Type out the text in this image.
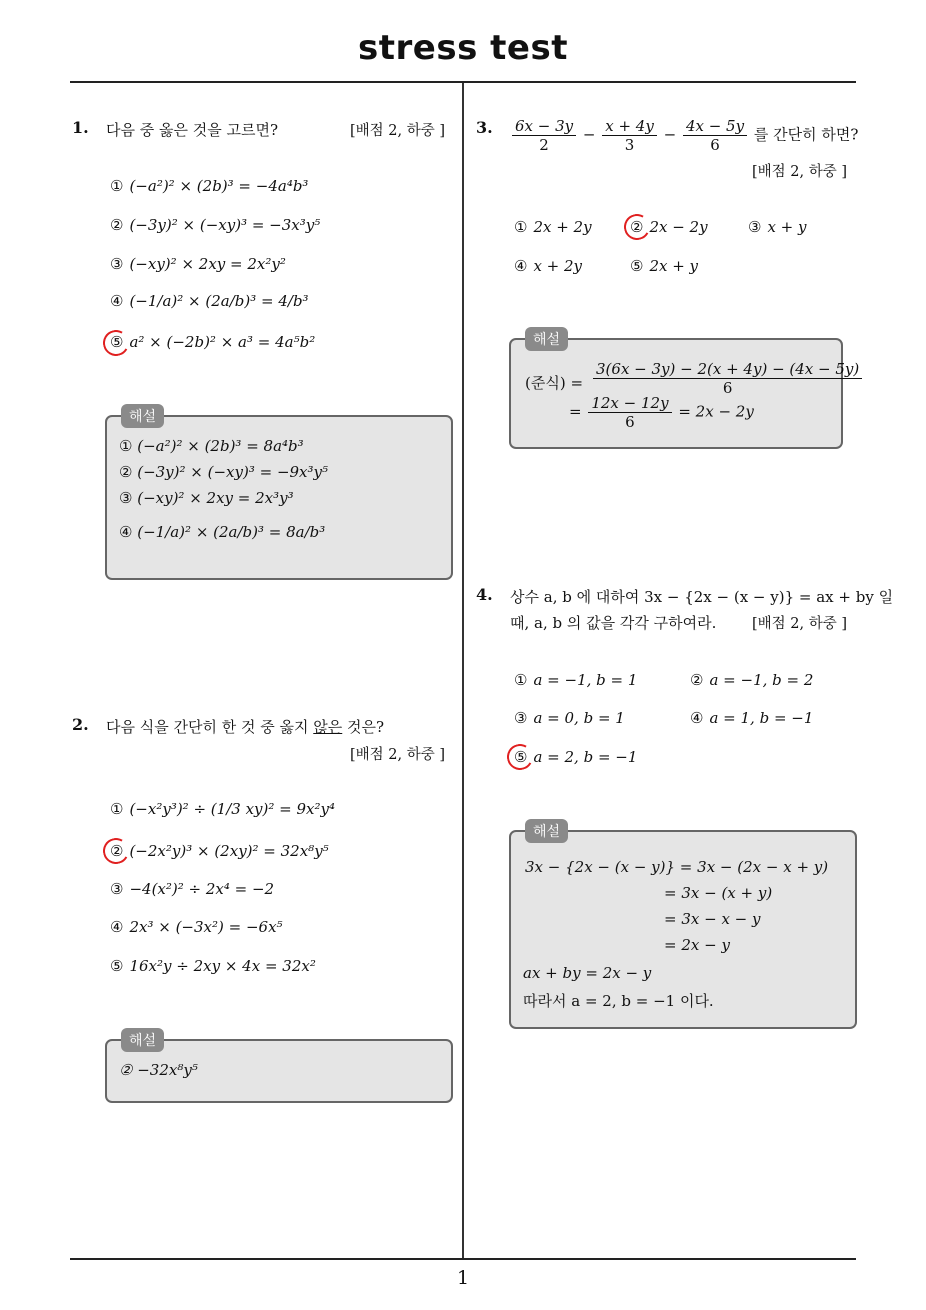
stress test
1
1. 다음 중 옳은 것을 고르면?	[배점 2, 하중 ]
① (−a²)² × (2b)³ = −4a⁴b³
② (−3y)² × (−xy)³ = −3x³y⁵
③ (−xy)² × 2xy = 2x²y²
④ (−1/a)² × (2a/b)³ = 4/b³
⑤ a² × (−2b)² × a³ = 4a⁵b²
해설
① (−a²)² × (2b)³ = 8a⁴b³
② (−3y)² × (−xy)³ = −9x³y⁵
③ (−xy)² × 2xy = 2x³y³
④ (−1/a)² × (2a/b)³ = 8a/b³
2. 다음 식을 간단히 한 것 중 옳지 않은 것은?
[배점 2, 하중 ]
① (−x²y³)² ÷ (1/3 xy)² = 9x²y⁴
② (−2x²y)³ × (2xy)² = 32x⁸y⁵
③ −4(x²)² ÷ 2x⁴ = −2
④ 2x³ × (−3x²) = −6x⁵
⑤ 16x²y ÷ 2xy × 4x = 32x²
해설
② −32x⁸y⁵
3. $\frac{6x - 3y}{2} - \frac{x + 4y}{3} - \frac{4x - 5y}{6}$ 를 간단히 하면?
[배점 2, 하중 ]
① 2x + 2y	② 2x − 2y	③ x + y
④ x + 2y	⑤ 2x + y
해설
(준식) = $\frac{3(6x - 3y) - 2(x + 4y) - (4x - 5y)}{6}$
= $\frac{12x - 12y}{6} = 2x - 2y$
4. 상수 a, b 에 대하여 3x − {2x − (x − y)} = ax + by 일
때, a, b 의 값을 각각 구하여라. [배점 2, 하중 ]
① a = −1, b = 1	② a = −1, b = 2
③ a = 0, b = 1	④ a = 1, b = −1
⑤ a = 2, b = −1
해설
3x − {2x − (x − y)} = 3x − (2x − x + y)
= 3x − (x + y)
= 3x − x − y
= 2x − y
ax + by = 2x − y
따라서 a = 2, b = −1 이다.
